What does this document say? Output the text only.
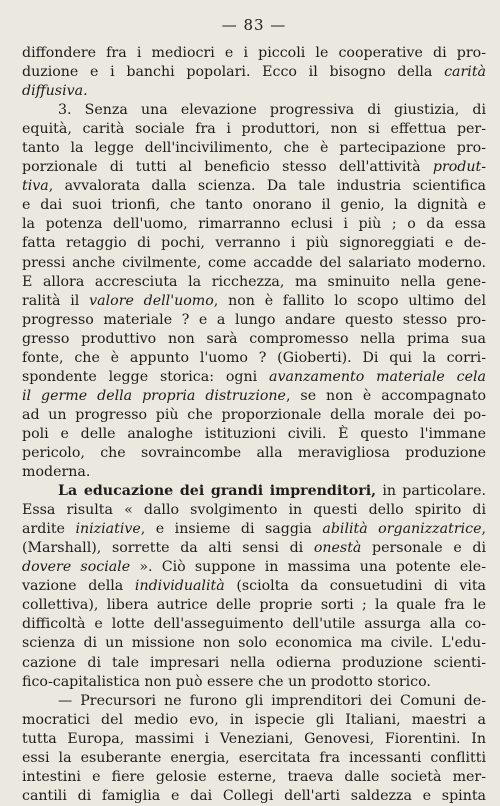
— 83 —
diffondere fra i mediocri e i piccoli le cooperative di pro-
duzione e i banchi popolari. Ecco il bisogno della carità
diffusiva.
3. Senza una elevazione progressiva di giustizia, di
equità, carità sociale fra i produttori, non si effettua per-
tanto la legge dell'incivilimento, che è partecipazione pro-
porzionale di tutti al beneficio stesso dell'attività produt-
tiva, avvalorata dalla scienza. Da tale industria scientifica
e dai suoi trionfi, che tanto onorano il genio, la dignità e
la potenza dell'uomo, rimarranno eclusi i più ; o da essa
fatta retaggio di pochi, verranno i più signoreggiati e de-
pressi anche civilmente, come accadde del salariato moderno.
E allora accresciuta la ricchezza, ma sminuito nella gene-
ralità il valore dell'uomo, non è fallito lo scopo ultimo del
progresso materiale ? e a lungo andare questo stesso pro-
gresso produttivo non sarà compromesso nella prima sua
fonte, che è appunto l'uomo ? (Gioberti). Di qui la corri-
spondente legge storica: ogni avanzamento materiale cela
il germe della propria distruzione, se non è accompagnato
ad un progresso più che proporzionale della morale dei po-
poli e delle analoghe istituzioni civili. È questo l'immane
pericolo, che sovraincombe alla meravigliosa produzione
moderna.
La educazione dei grandi imprenditori, in particolare.
Essa risulta « dallo svolgimento in questi dello spirito di
ardite iniziative, e insieme di saggia abilità organizzatrice,
(Marshall), sorrette da alti sensi di onestà personale e di
dovere sociale ». Ciò suppone in massima una potente ele-
vazione della individualità (sciolta da consuetudini di vita
collettiva), libera autrice delle proprie sorti ; la quale fra le
difficoltà e lotte dell'asseguimento dell'utile assurga alla co-
scienza di un missione non solo economica ma civile. L'edu-
cazione di tale impresari nella odierna produzione scienti-
fico-capitalistica non può essere che un prodotto storico.
— Precursori ne furono gli imprenditori dei Comuni de-
mocratici del medio evo, in ispecie gli Italiani, maestri a
tutta Europa, massimi i Veneziani, Genovesi, Fiorentini. In
essi la esuberante energia, esercitata fra incessanti conflitti
intestini e fiere gelosie esterne, traeva dalle società mer-
cantili di famiglia e dai Collegi dell'arti saldezza e spinta
